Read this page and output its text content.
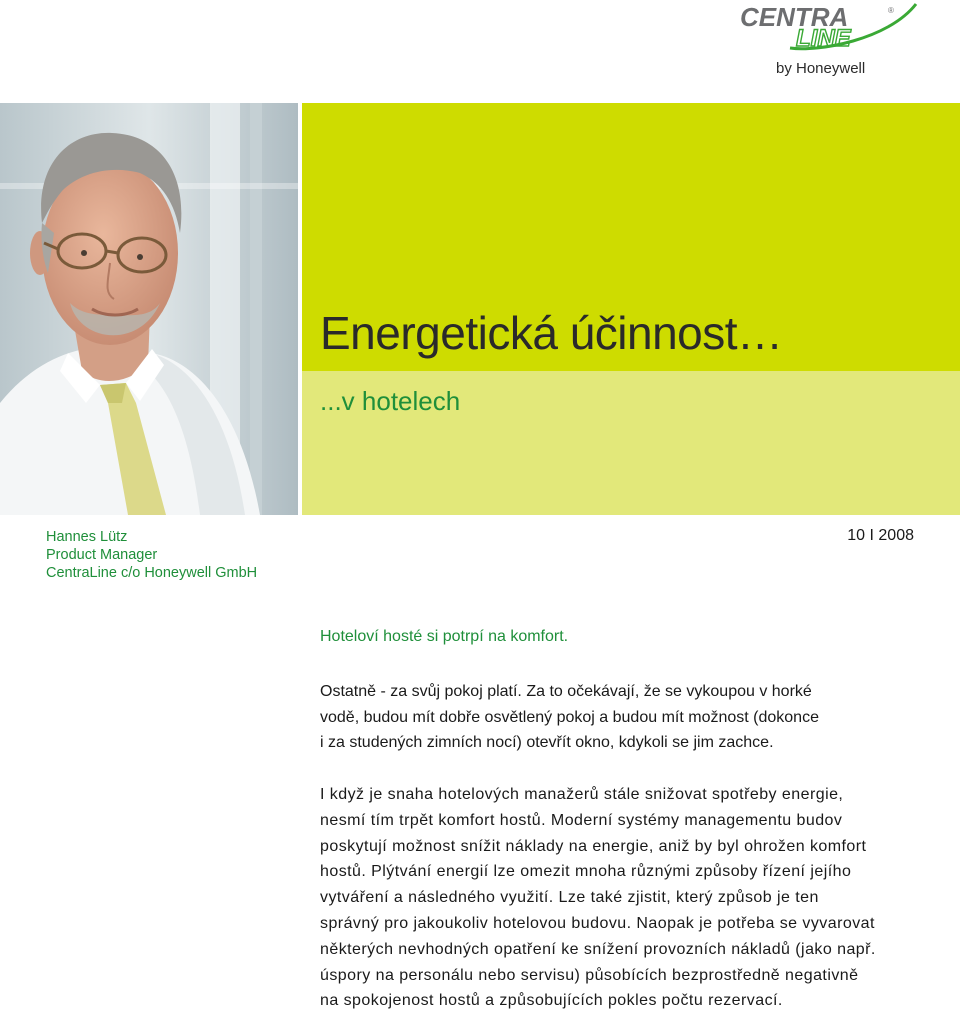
CENTRA	®
LINE
by Honeywell
Energetická účinnost…
...v hotelech
Hannes Lütz
Product Manager
CentraLine c/o Honeywell GmbH
10 I 2008
Hoteloví hosté si potrpí na komfort.
Ostatně - za svůj pokoj platí. Za to očekávají, že se vykoupou v horké
vodě, budou mít dobře osvětlený pokoj a budou mít možnost (dokonce
i za studených zimních nocí) otevřít okno, kdykoli se jim zachce.
I když je snaha hotelových manažerů stále snižovat spotřeby energie,
nesmí tím trpět komfort hostů. Moderní systémy managementu budov
poskytují možnost snížit náklady na energie, aniž by byl ohrožen komfort
hostů. Plýtvání energií lze omezit mnoha různými způsoby řízení jejího
vytváření a následného využití. Lze také zjistit, který způsob je ten
správný pro jakoukoliv hotelovou budovu. Naopak je potřeba se vyvarovat
některých nevhodných opatření ke snížení provozních nákladů (jako např.
úspory na personálu nebo servisu) působících bezprostředně negativně
na spokojenost hostů a způsobujících pokles počtu rezervací.
